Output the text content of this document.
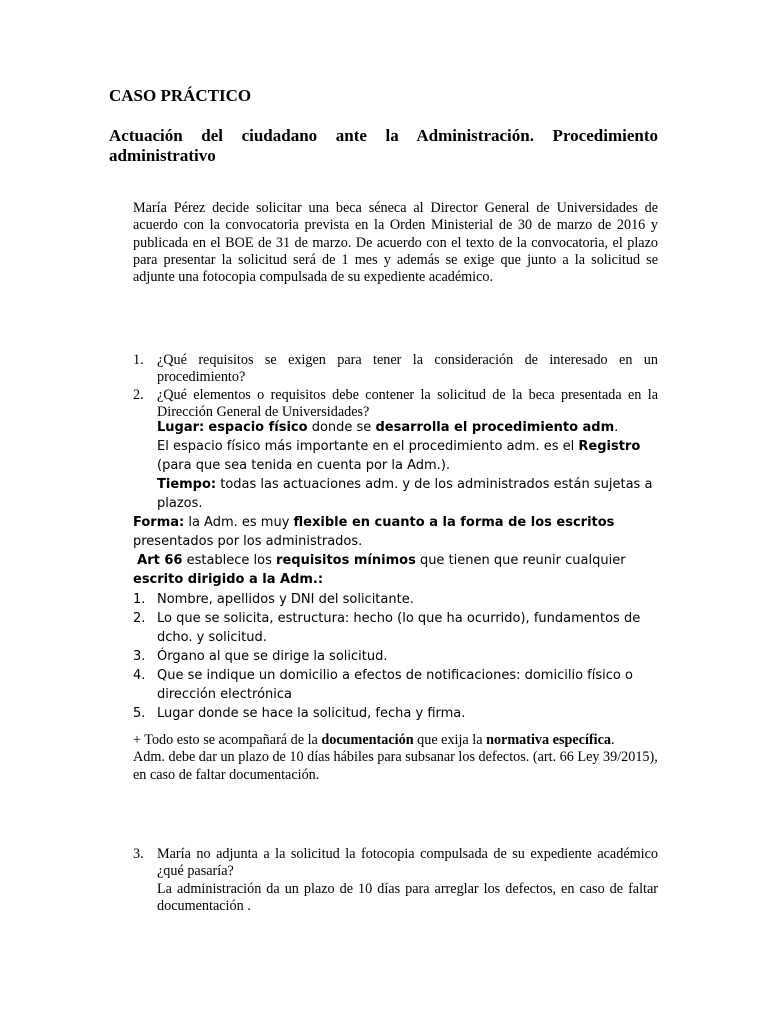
CASO PRÁCTICO
Actuación del ciudadano ante la Administración. Procedimiento administrativo
María Pérez decide solicitar una beca séneca al Director General de Universidades de acuerdo con la convocatoria prevista en la Orden Ministerial de 30 de marzo de 2016 y publicada en el BOE de 31 de marzo. De acuerdo con el texto de la convocatoria, el plazo para presentar la solicitud será de 1 mes y además se exige que junto a la solicitud se adjunte una fotocopia compulsada de su expediente académico.
1. ¿Qué requisitos se exigen para tener la consideración de interesado en un procedimiento?
2. ¿Qué elementos o requisitos debe contener la solicitud de la beca presentada en la Dirección General de Universidades?
Lugar: espacio físico donde se desarrolla el procedimiento adm.
El espacio físico más importante en el procedimiento adm. es el Registro (para que sea tenida en cuenta por la Adm.).
Tiempo: todas las actuaciones adm. y de los administrados están sujetas a plazos.
Forma: la Adm. es muy flexible en cuanto a la forma de los escritos presentados por los administrados.
Art 66 establece los requisitos mínimos que tienen que reunir cualquier escrito dirigido a la Adm.:
1. Nombre, apellidos y DNI del solicitante.
2. Lo que se solicita, estructura: hecho (lo que ha ocurrido), fundamentos de dcho. y solicitud.
3. Órgano al que se dirige la solicitud.
4. Que se indique un domicilio a efectos de notificaciones: domicilio físico o dirección electrónica
5. Lugar donde se hace la solicitud, fecha y firma.
+ Todo esto se acompañará de la documentación que exija la normativa específica.
Adm. debe dar un plazo de 10 días hábiles para subsanar los defectos. (art. 66 Ley 39/2015), en caso de faltar documentación.
3. María no adjunta a la solicitud la fotocopia compulsada de su expediente académico ¿qué pasaría?
La administración da un plazo de 10 días para arreglar los defectos, en caso de faltar documentación .
